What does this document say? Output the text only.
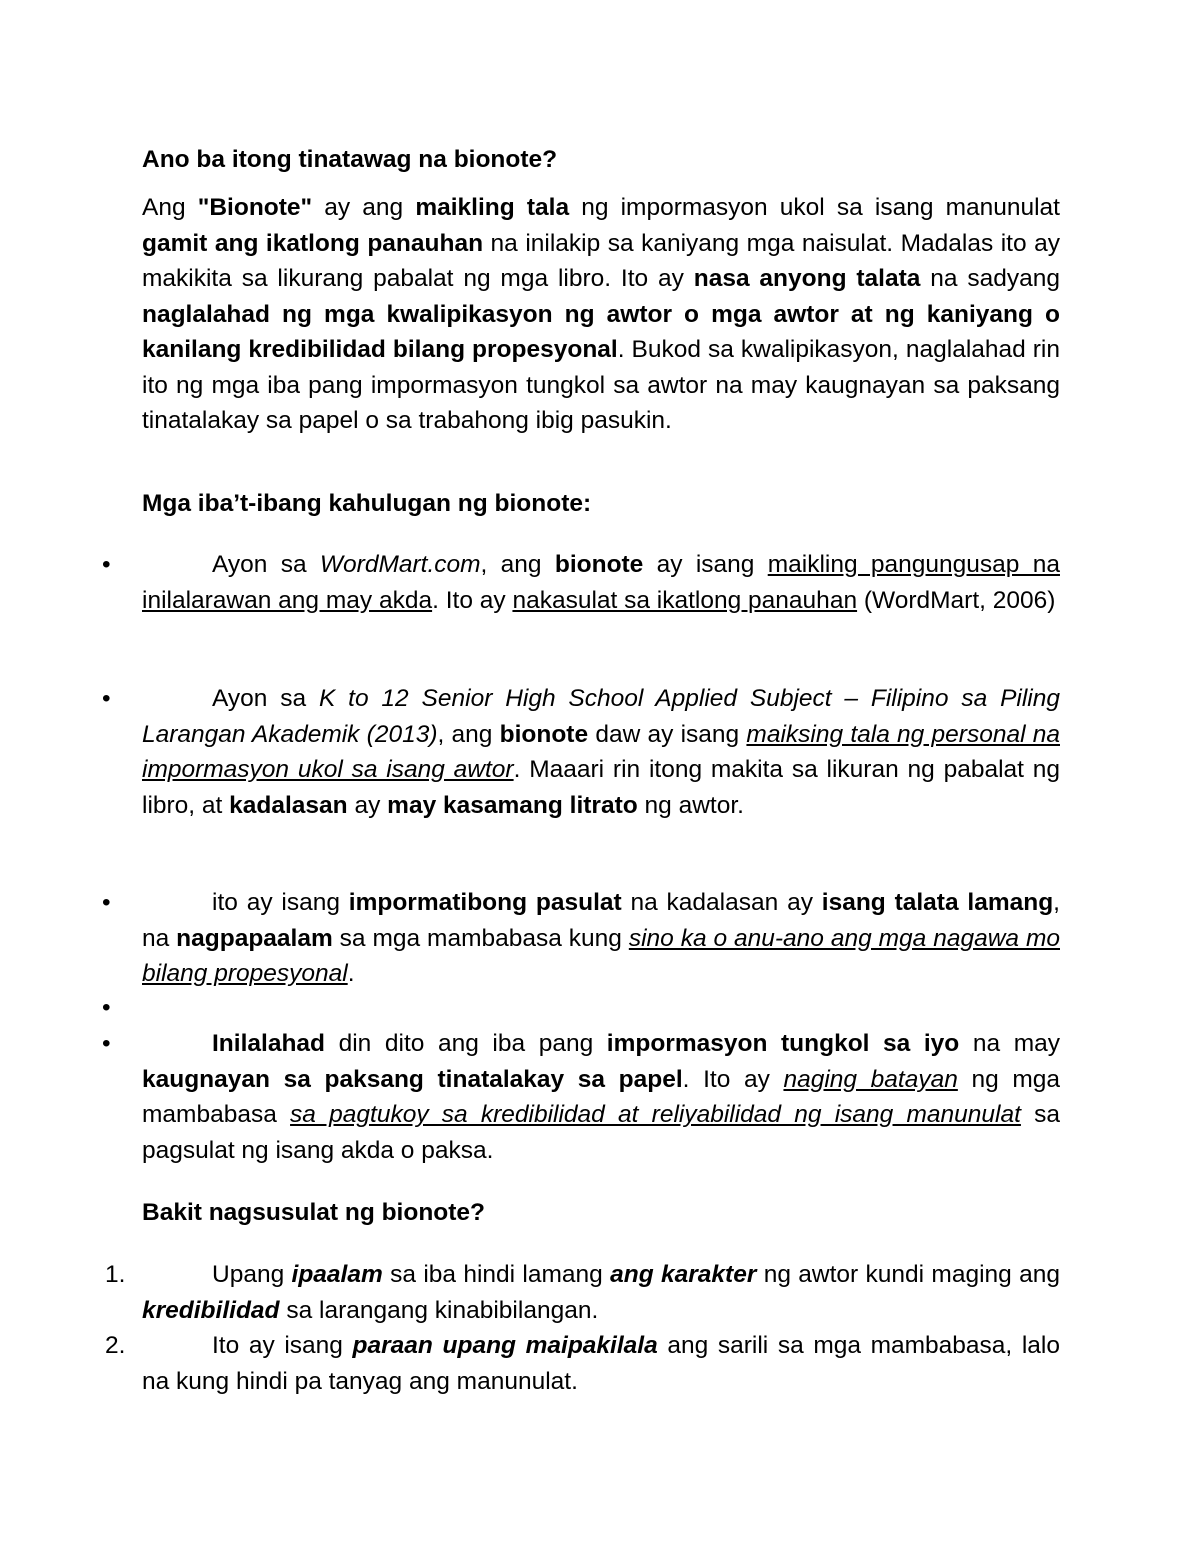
Ano ba itong tinatawag na bionote?
Ang "Bionote" ay ang maikling tala ng impormasyon ukol sa isang manunulat gamit ang ikatlong panauhan na inilakip sa kaniyang mga naisulat. Madalas ito ay makikita sa likurang pabalat ng mga libro. Ito ay nasa anyong talata na sadyang naglalahad ng mga kwalipikasyon ng awtor o mga awtor at ng kaniyang o kanilang kredibilidad bilang propesyonal. Bukod sa kwalipikasyon, naglalahad rin ito ng mga iba pang impormasyon tungkol sa awtor na may kaugnayan sa paksang tinatalakay sa papel o sa trabahong ibig pasukin.
Mga iba’t-ibang kahulugan ng bionote:
•	Ayon sa WordMart.com, ang bionote ay isang maikling pangungusap na inilalarawan ang may akda. Ito ay nakasulat sa ikatlong panauhan (WordMart, 2006)
•	Ayon sa K to 12 Senior High School Applied Subject – Filipino sa Piling Larangan Akademik (2013), ang bionote daw ay isang maiksing tala ng personal na impormasyon ukol sa isang awtor. Maaari rin itong makita sa likuran ng pabalat ng libro, at kadalasan ay may kasamang litrato ng awtor.
•	ito ay isang impormatibong pasulat na kadalasan ay isang talata lamang, na nagpapaalam sa mga mambabasa kung sino ka o anu-ano ang mga nagawa mo bilang propesyonal.
•
•	Inilalahad din dito ang iba pang impormasyon tungkol sa iyo na may kaugnayan sa paksang tinatalakay sa papel. Ito ay naging batayan ng mga mambabasa sa pagtukoy sa kredibilidad at reliyabilidad ng isang manunulat sa pagsulat ng isang akda o paksa.
Bakit nagsusulat ng bionote?
1.	Upang ipaalam sa iba hindi lamang ang karakter ng awtor kundi maging ang kredibilidad sa larangang kinabibilangan.
2.	Ito ay isang paraan upang maipakilala ang sarili sa mga mambabasa, lalo na kung hindi pa tanyag ang manunulat.
